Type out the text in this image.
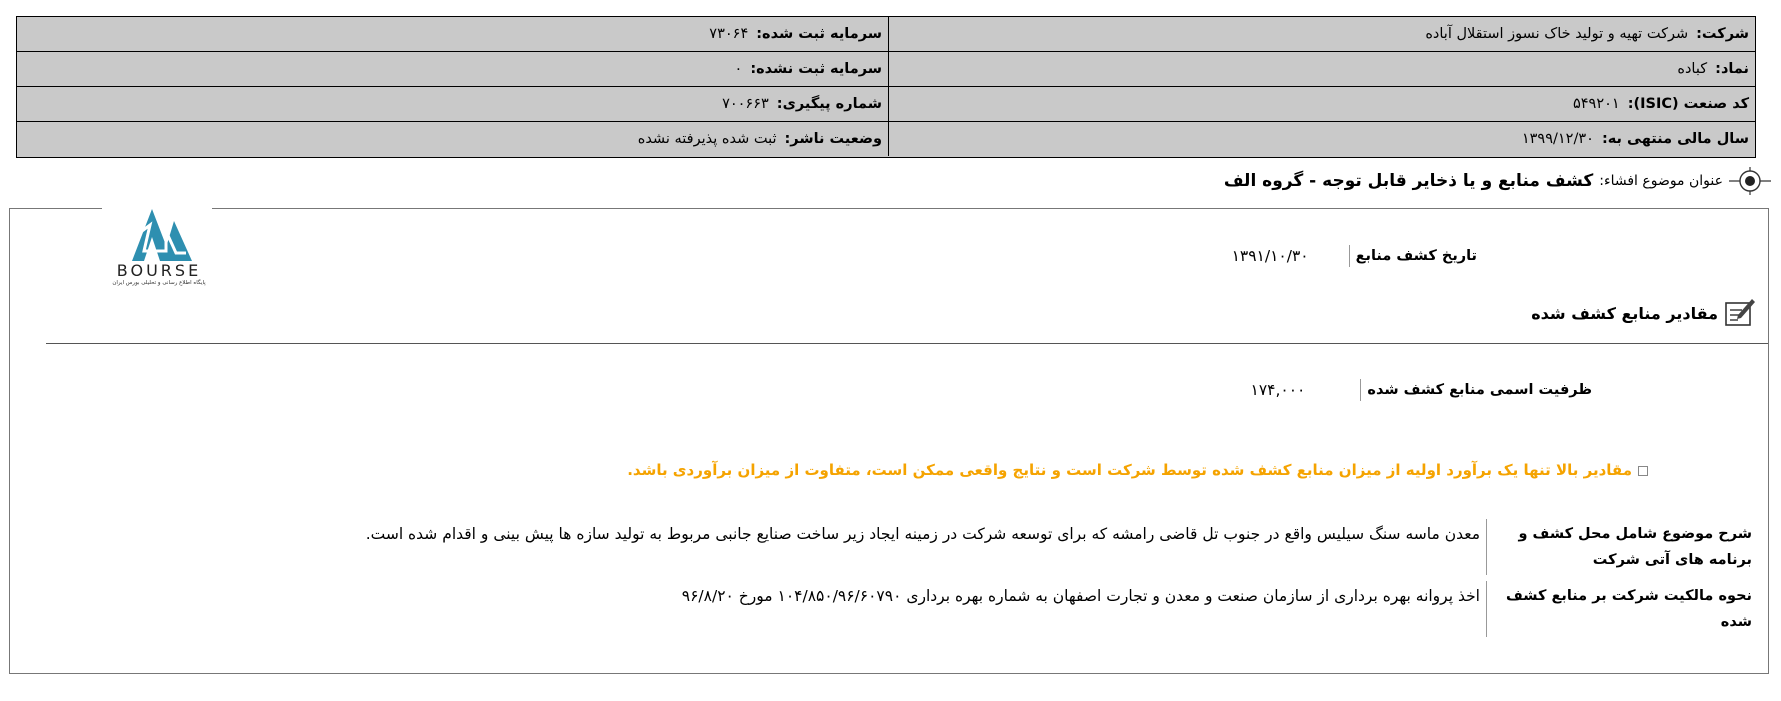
شرکت:
شرکت تهیه و تولید خاک نسوز استقلال آباده
سرمایه ثبت شده:
۷۳۰۶۴
نماد:
کباده
سرمایه ثبت نشده:
۰
کد صنعت (ISIC):
۵۴۹۲۰۱
شماره پیگیری:
۷۰۰۶۶۳
سال مالی منتهی به:
۱۳۹۹/۱۲/۳۰
وضعیت ناشر:
ثبت شده پذیرفته نشده
عنوان موضوع افشاء:
کشف منابع و یا ذخایر قابل توجه - گروه الف
BOURSE
پایگاه اطلاع رسانی و تحلیلی بورس ایران
تاریخ کشف منابع
۱۳۹۱/۱۰/۳۰
مقادیر منابع کشف شده
ظرفیت اسمی منابع کشف شده
۱۷۴,۰۰۰
مقادیر بالا تنها یک برآورد اولیه از میزان منابع کشف شده توسط شرکت است و نتایج واقعی ممکن است، متفاوت از میزان برآوردی باشد.
شرح موضوع شامل محل کشف و برنامه های آتی شرکت
معدن ماسه سنگ سیلیس واقع در جنوب تل قاضی رامشه که برای توسعه شرکت در زمینه ایجاد زیر ساخت صنایع جانبی مربوط به تولید سازه ها پیش بینی و اقدام شده است.
نحوه مالکیت شرکت بر منابع کشف شده
اخذ پروانه بهره برداری از سازمان صنعت و معدن و تجارت اصفهان به شماره بهره برداری ۱۰۴/۸۵۰/۹۶/۶۰۷۹۰ مورخ ۹۶/۸/۲۰
